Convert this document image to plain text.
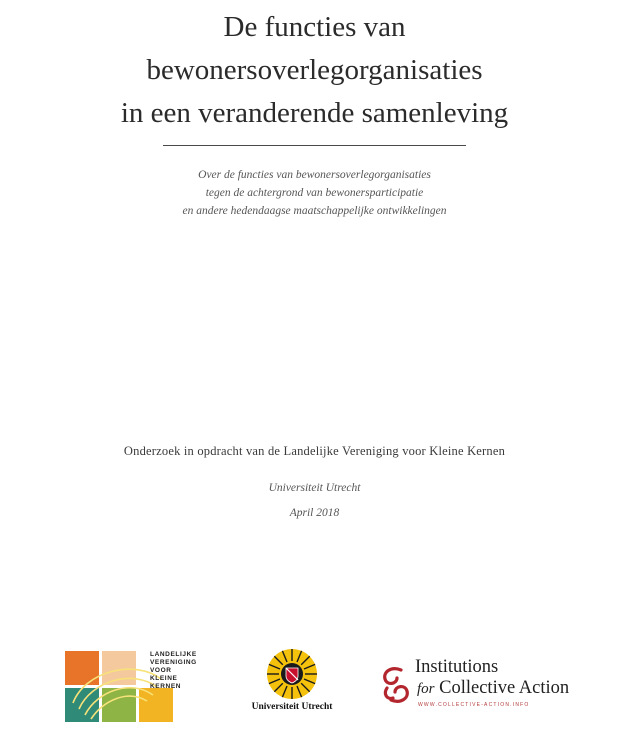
De functies van
bewonersoverlegorganisaties
in een veranderende samenleving
Over de functies van bewonersoverlegorganisaties
tegen de achtergrond van bewonersparticipatie
en andere hedendaagse maatschappelijke ontwikkelingen
Onderzoek in opdracht van de Landelijke Vereniging voor Kleine Kernen
Universiteit Utrecht
April 2018
LANDELIJKE
VERENIGING
VOOR
KLEINE
KERNEN
Universiteit Utrecht
Institutions
for Collective Action
WWW.COLLECTIVE-ACTION.INFO
